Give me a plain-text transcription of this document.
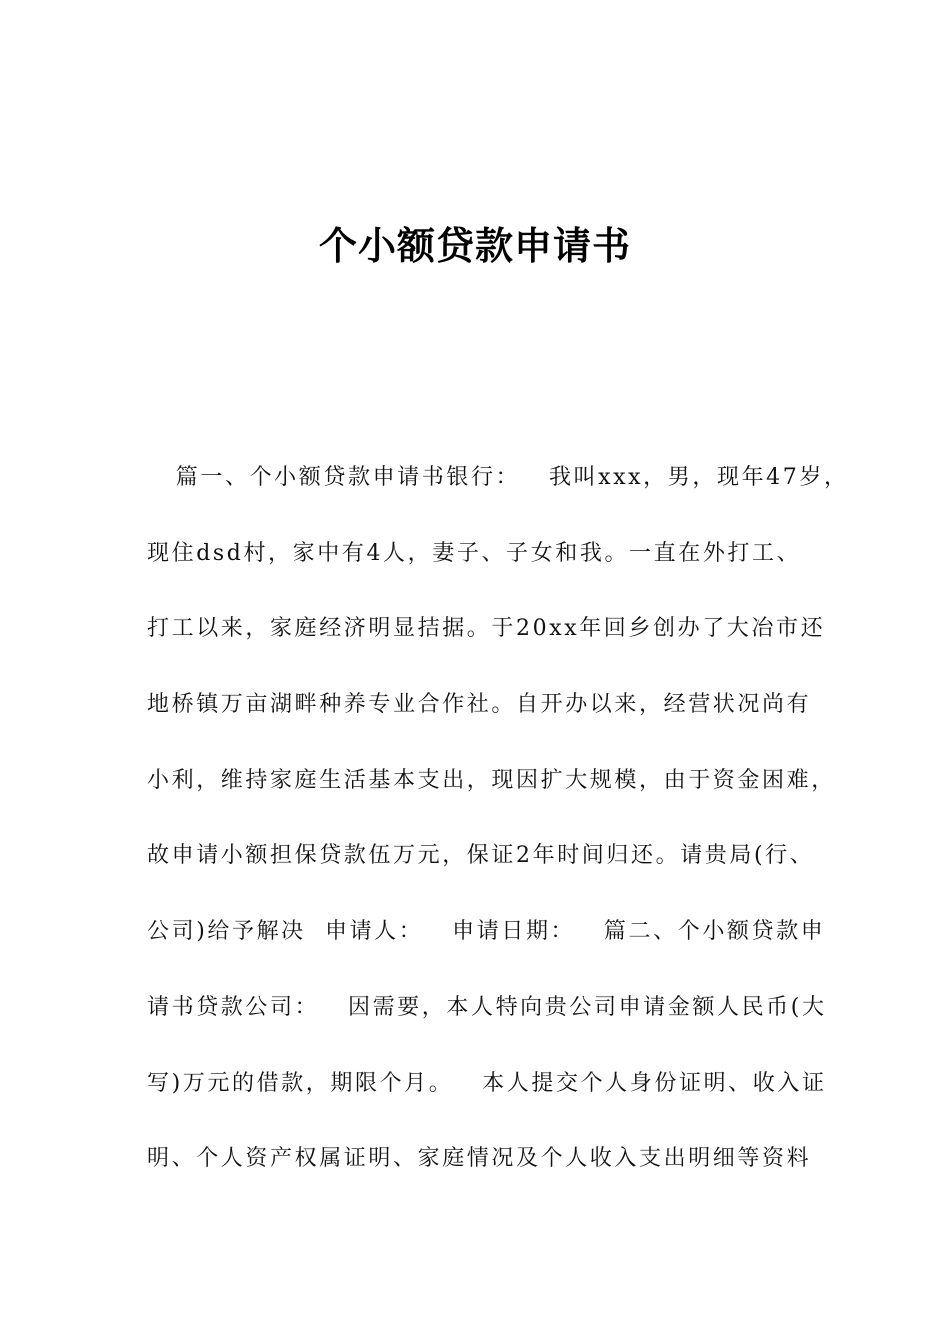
个小额贷款申请书
篇一、个小额贷款申请书银行：   我叫xxx，男，现年47岁，
现住dsd村，家中有4人，妻子、子女和我。一直在外打工、
打工以来，家庭经济明显拮据。于20xx年回乡创办了大冶市还
地桥镇万亩湖畔种养专业合作社。自开办以来，经营状况尚有
小利，维持家庭生活基本支出，现因扩大规模，由于资金困难，
故申请小额担保贷款伍万元，保证2年时间归还。请贵局(行、
公司)给予解决  申请人：   申请日期：   篇二、个小额贷款申
请书贷款公司：   因需要，本人特向贵公司申请金额人民币(大
写)万元的借款，期限个月。   本人提交个人身份证明、收入证
明、个人资产权属证明、家庭情况及个人收入支出明细等资料
